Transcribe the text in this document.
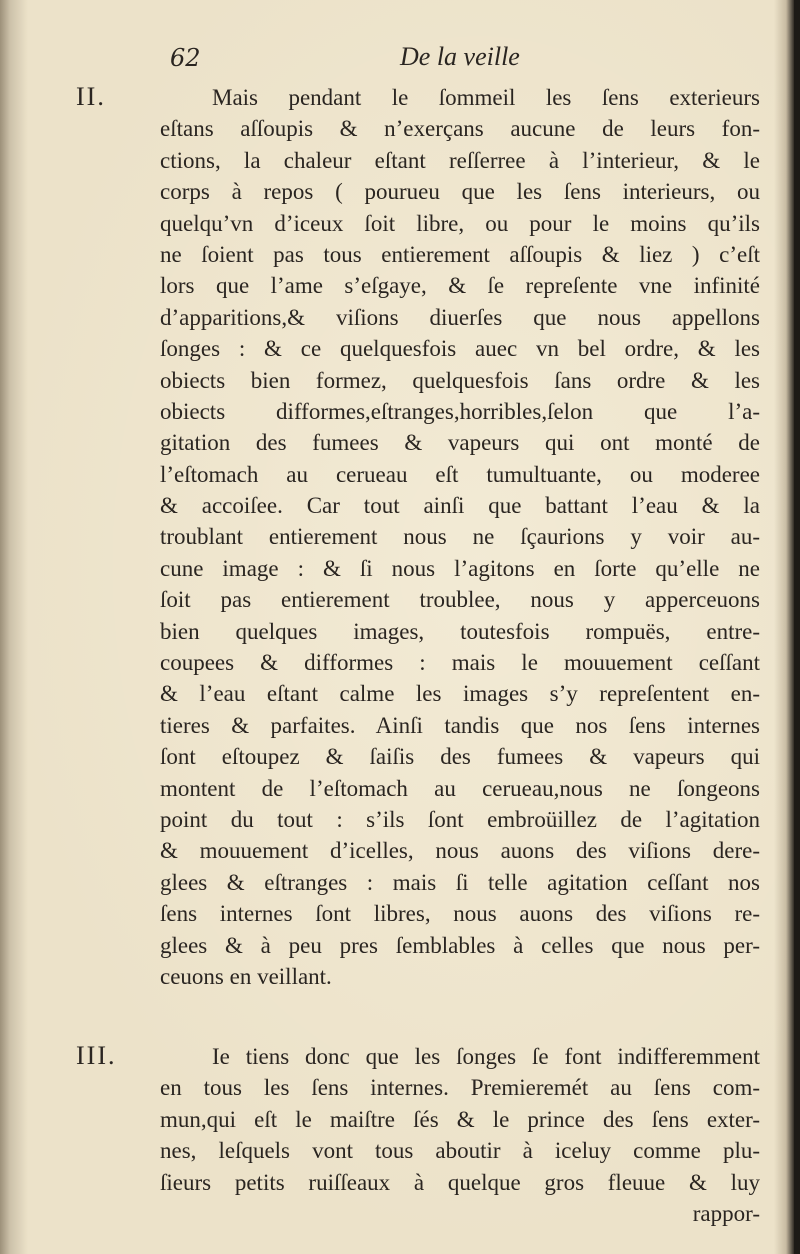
62	De la veille
II.	Mais pendant le ſommeil les ſens exterieurs
eſtans aſſoupis & n’exerçans aucune de leurs fon-
ctions, la chaleur eſtant reſſerree à l’interieur, & le
corps à repos ( pourueu que les ſens interieurs, ou
quelqu’vn d’iceux ſoit libre, ou pour le moins qu’ils
ne ſoient pas tous entierement aſſoupis & liez ) c’eſt
lors que l’ame s’eſgaye, & ſe repreſente vne infinité
d’apparitions,& viſions diuerſes que nous appellons
ſonges : & ce quelquesfois auec vn bel ordre, & les
obiects bien formez, quelquesfois ſans ordre & les
obiects difformes,eſtranges,horribles,ſelon que l’a-
gitation des fumees & vapeurs qui ont monté de
l’eſtomach au cerueau eſt tumultuante, ou moderee
& accoiſee. Car tout ainſi que battant l’eau & la
troublant entierement nous ne ſçaurions y voir au-
cune image : & ſi nous l’agitons en ſorte qu’elle ne
ſoit pas entierement troublee, nous y apperceuons
bien quelques images, toutesfois rompuës, entre-
coupees & difformes : mais le mouuement ceſſant
& l’eau eſtant calme les images s’y repreſentent en-
tieres & parfaites. Ainſi tandis que nos ſens internes
ſont eſtoupez & ſaiſis des fumees & vapeurs qui
montent de l’eſtomach au cerueau,nous ne ſongeons
point du tout : s’ils ſont embroüillez de l’agitation
& mouuement d’icelles, nous auons des viſions dere-
glees & eſtranges : mais ſi telle agitation ceſſant nos
ſens internes ſont libres, nous auons des viſions re-
glees & à peu pres ſemblables à celles que nous per-
ceuons en veillant.
III.	Ie tiens donc que les ſonges ſe font indifferemment
en tous les ſens internes. Premieremét au ſens com-
mun,qui eſt le maiſtre ſés & le prince des ſens exter-
nes, leſquels vont tous aboutir à iceluy comme plu-
ſieurs petits ruiſſeaux à quelque gros fleuue & luy
rappor-
